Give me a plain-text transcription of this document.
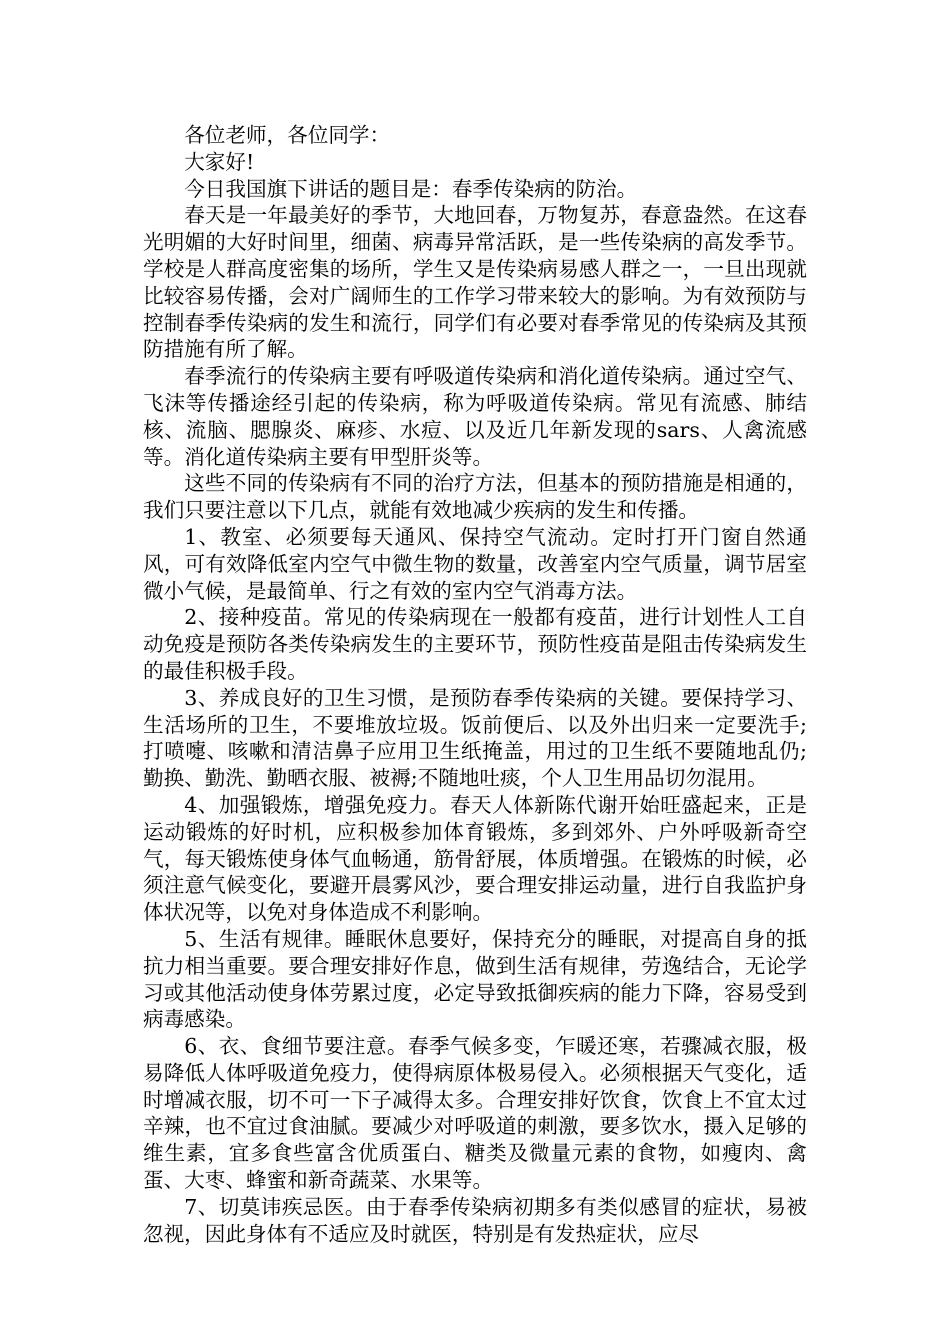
各位老师，各位同学：

大家好!

今日我国旗下讲话的题目是：春季传染病的防治。

春天是一年最美好的季节，大地回春，万物复苏，春意盎然。在这春光明媚的大好时间里，细菌、病毒异常活跃，是一些传染病的高发季节。学校是人群高度密集的场所，学生又是传染病易感人群之一，一旦出现就比较容易传播，会对广阔师生的工作学习带来较大的影响。为有效预防与控制春季传染病的发生和流行，同学们有必要对春季常见的传染病及其预防措施有所了解。

春季流行的传染病主要有呼吸道传染病和消化道传染病。通过空气、飞沫等传播途经引起的传染病，称为呼吸道传染病。常见有流感、肺结核、流脑、腮腺炎、麻疹、水痘、以及近几年新发现的sars、人禽流感等。消化道传染病主要有甲型肝炎等。

这些不同的传染病有不同的治疗方法，但基本的预防措施是相通的，我们只要注意以下几点，就能有效地减少疾病的发生和传播。

1、教室、必须要每天通风、保持空气流动。定时打开门窗自然通风，可有效降低室内空气中微生物的数量，改善室内空气质量，调节居室微小气候，是最简单、行之有效的室内空气消毒方法。

2、接种疫苗。常见的传染病现在一般都有疫苗，进行计划性人工自动免疫是预防各类传染病发生的主要环节，预防性疫苗是阻击传染病发生的最佳积极手段。

3、养成良好的卫生习惯，是预防春季传染病的关键。要保持学习、生活场所的卫生，不要堆放垃圾。饭前便后、以及外出归来一定要洗手;打喷嚏、咳嗽和清洁鼻子应用卫生纸掩盖，用过的卫生纸不要随地乱仍;勤换、勤洗、勤晒衣服、被褥;不随地吐痰，个人卫生用品切勿混用。

4、加强锻炼，增强免疫力。春天人体新陈代谢开始旺盛起来，正是运动锻炼的好时机，应积极参加体育锻炼，多到郊外、户外呼吸新奇空气，每天锻炼使身体气血畅通，筋骨舒展，体质增强。在锻炼的时候，必须注意气候变化，要避开晨雾风沙，要合理安排运动量，进行自我监护身体状况等，以免对身体造成不利影响。

5、生活有规律。睡眠休息要好，保持充分的睡眠，对提高自身的抵抗力相当重要。要合理安排好作息，做到生活有规律，劳逸结合，无论学习或其他活动使身体劳累过度，必定导致抵御疾病的能力下降，容易受到病毒感染。

6、衣、食细节要注意。春季气候多变，乍暖还寒，若骤减衣服，极易降低人体呼吸道免疫力，使得病原体极易侵入。必须根据天气变化，适时增减衣服，切不可一下子减得太多。合理安排好饮食，饮食上不宜太过辛辣，也不宜过食油腻。要减少对呼吸道的刺激，要多饮水，摄入足够的维生素，宜多食些富含优质蛋白、糖类及微量元素的食物，如瘦肉、禽蛋、大枣、蜂蜜和新奇蔬菜、水果等。

7、切莫讳疾忌医。由于春季传染病初期多有类似感冒的症状，易被忽视，因此身体有不适应及时就医，特别是有发热症状，应尽
